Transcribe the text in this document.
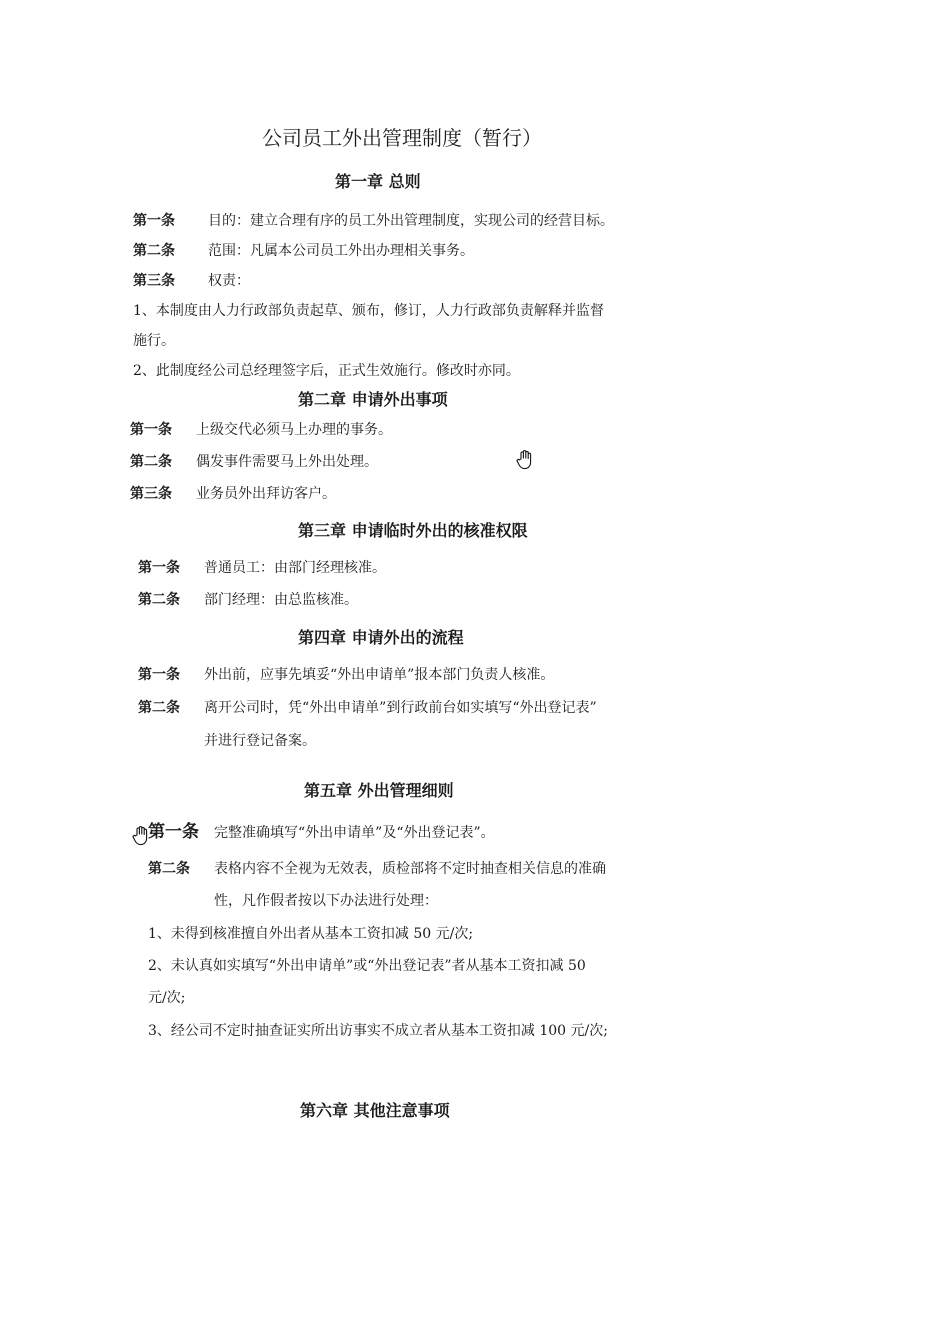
公司员工外出管理制度（暂行）
第一章 总则
第一条 目的：建立合理有序的员工外出管理制度，实现公司的经营目标。
第二条 范围：凡属本公司员工外出办理相关事务。
第三条 权责：
1、本制度由人力行政部负责起草、颁布，修订，人力行政部负责解释并监督
施行。
2、此制度经公司总经理签字后，正式生效施行。修改时亦同。
第二章 申请外出事项
第一条 上级交代必须马上办理的事务。
第二条 偶发事件需要马上外出处理。
第三条 业务员外出拜访客户。
第三章 申请临时外出的核准权限
第一条 普通员工：由部门经理核准。
第二条 部门经理：由总监核准。
第四章 申请外出的流程
第一条 外出前，应事先填妥“外出申请单”报本部门负责人核准。
第二条 离开公司时，凭“外出申请单”到行政前台如实填写“外出登记表”
并进行登记备案。
第五章 外出管理细则
第一条 完整准确填写“外出申请单”及“外出登记表”。
第二条 表格内容不全视为无效表，质检部将不定时抽查相关信息的准确
性，凡作假者按以下办法进行处理：
1、未得到核准擅自外出者从基本工资扣减 50 元/次;
2、未认真如实填写“外出申请单”或“外出登记表”者从基本工资扣减 50
元/次;
3、经公司不定时抽查证实所出访事实不成立者从基本工资扣减 100 元/次;
第六章 其他注意事项
